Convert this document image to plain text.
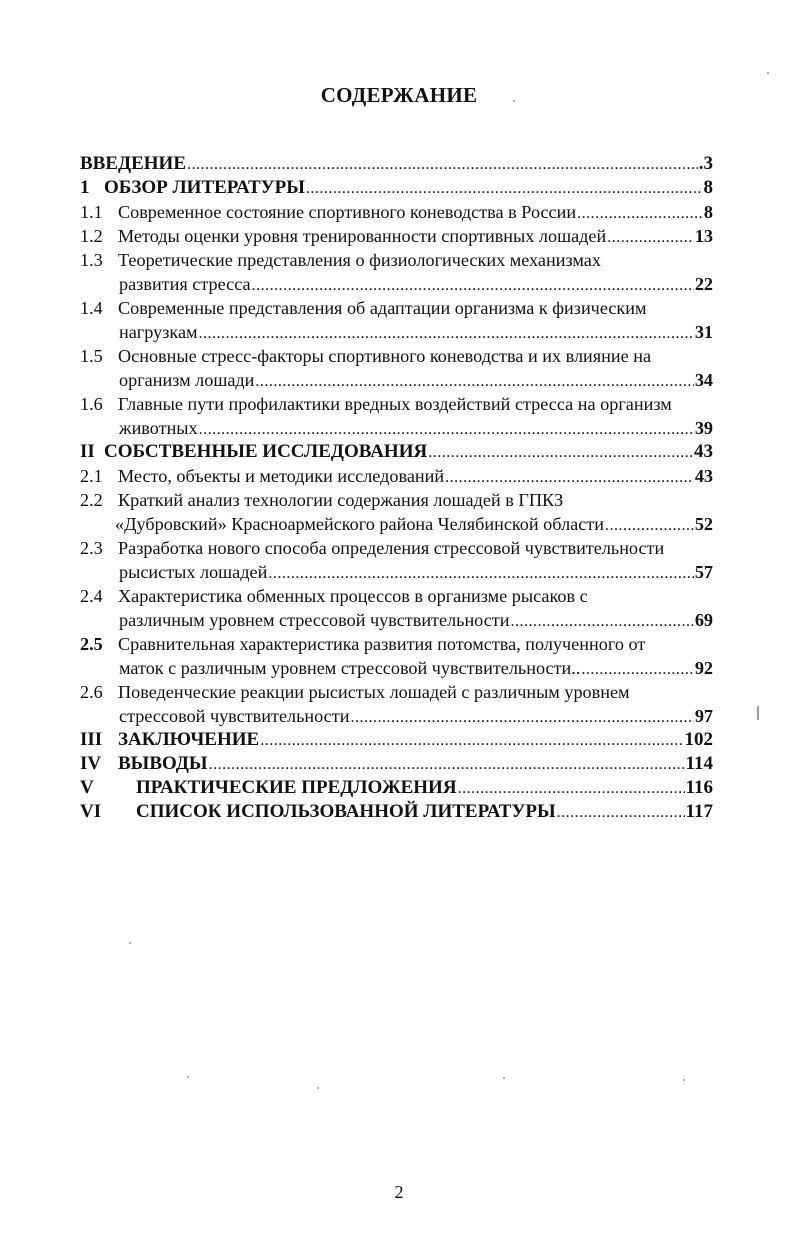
СОДЕРЖАНИЕ
ВВЕДЕНИЕ .....	.3
1 ОБЗОР ЛИТЕРАТУРЫ .....	8
1.1 Современное состояние спортивного коневодства в России .....	8
1.2 Методы оценки уровня тренированности спортивных лошадей .....	13
1.3 Теоретические представления о физиологических механизмах
развития стресса .....	22
1.4 Современные представления об адаптации организма к физическим
нагрузкам .....	31
1.5 Основные стресс-факторы спортивного коневодства и их влияние на
организм лошади .....	34
1.6 Главные пути профилактики вредных воздействий стресса на организм
животных .....	39
II СОБСТВЕННЫЕ ИССЛЕДОВАНИЯ .....	43
2.1 Место, объекты и методики исследований .....	43
2.2 Краткий анализ технологии содержания лошадей в ГПКЗ
«Дубровский» Красноармейского района Челябинской области .....	52
2.3 Разработка нового способа определения стрессовой чувствительности
рысистых лошадей .....	57
2.4 Характеристика обменных процессов в организме рысаков с
различным уровнем стрессовой чувствительности .....	69
2.5 Сравнительная характеристика развития потомства, полученного от
маток с различным уровнем стрессовой чувствительности.. .....	92
2.6 Поведенческие реакции рысистых лошадей с различным уровнем
стрессовой чувствительности .....	97
III ЗАКЛЮЧЕНИЕ .....	102
IV ВЫВОДЫ .....	114
V	ПРАКТИЧЕСКИЕ ПРЕДЛОЖЕНИЯ .....	116
VI	СПИСОК ИСПОЛЬЗОВАННОЙ ЛИТЕРАТУРЫ .....	117
2
